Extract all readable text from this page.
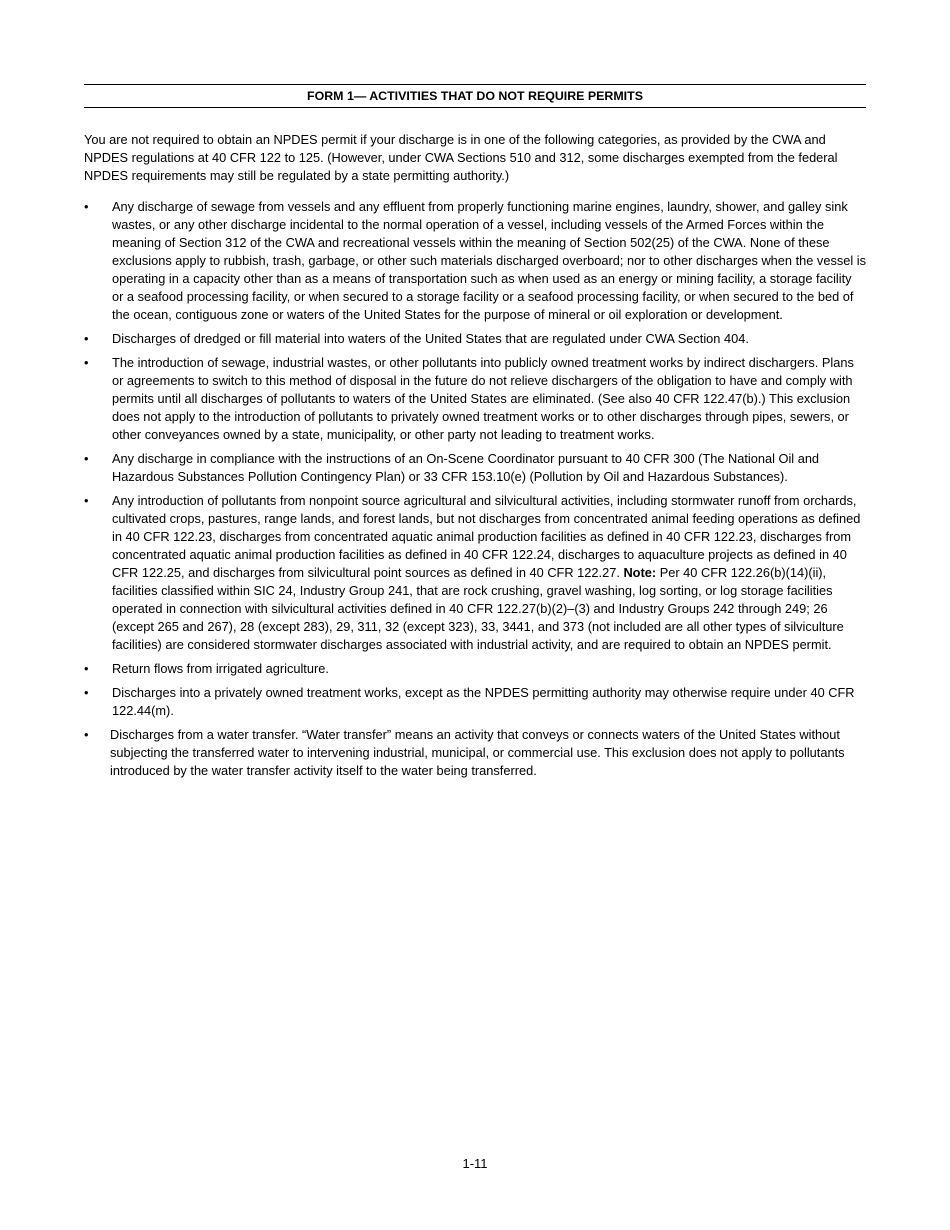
FORM 1— ACTIVITIES THAT DO NOT REQUIRE PERMITS

You are not required to obtain an NPDES permit if your discharge is in one of the following categories, as provided by the CWA and NPDES regulations at 40 CFR 122 to 125. (However, under CWA Sections 510 and 312, some discharges exempted from the federal NPDES requirements may still be regulated by a state permitting authority.)

•	Any discharge of sewage from vessels and any effluent from properly functioning marine engines, laundry, shower, and galley sink wastes, or any other discharge incidental to the normal operation of a vessel, including vessels of the Armed Forces within the meaning of Section 312 of the CWA and recreational vessels within the meaning of Section 502(25) of the CWA. None of these exclusions apply to rubbish, trash, garbage, or other such materials discharged overboard; nor to other discharges when the vessel is operating in a capacity other than as a means of transportation such as when used as an energy or mining facility, a storage facility or a seafood processing facility, or when secured to a storage facility or a seafood processing facility, or when secured to the bed of the ocean, contiguous zone or waters of the United States for the purpose of mineral or oil exploration or development.
•	Discharges of dredged or fill material into waters of the United States that are regulated under CWA Section 404.
•	The introduction of sewage, industrial wastes, or other pollutants into publicly owned treatment works by indirect dischargers. Plans or agreements to switch to this method of disposal in the future do not relieve dischargers of the obligation to have and comply with permits until all discharges of pollutants to waters of the United States are eliminated. (See also 40 CFR 122.47(b).) This exclusion does not apply to the introduction of pollutants to privately owned treatment works or to other discharges through pipes, sewers, or other conveyances owned by a state, municipality, or other party not leading to treatment works.
•	Any discharge in compliance with the instructions of an On-Scene Coordinator pursuant to 40 CFR 300 (The National Oil and Hazardous Substances Pollution Contingency Plan) or 33 CFR 153.10(e) (Pollution by Oil and Hazardous Substances).
•	Any introduction of pollutants from nonpoint source agricultural and silvicultural activities, including stormwater runoff from orchards, cultivated crops, pastures, range lands, and forest lands, but not discharges from concentrated animal feeding operations as defined in 40 CFR 122.23, discharges from concentrated aquatic animal production facilities as defined in 40 CFR 122.23, discharges from concentrated aquatic animal production facilities as defined in 40 CFR 122.24, discharges to aquaculture projects as defined in 40 CFR 122.25, and discharges from silvicultural point sources as defined in 40 CFR 122.27. Note: Per 40 CFR 122.26(b)(14)(ii), facilities classified within SIC 24, Industry Group 241, that are rock crushing, gravel washing, log sorting, or log storage facilities operated in connection with silvicultural activities defined in 40 CFR 122.27(b)(2)–(3) and Industry Groups 242 through 249; 26 (except 265 and 267), 28 (except 283), 29, 311, 32 (except 323), 33, 3441, and 373 (not included are all other types of silviculture facilities) are considered stormwater discharges associated with industrial activity, and are required to obtain an NPDES permit.
•	Return flows from irrigated agriculture.
•	Discharges into a privately owned treatment works, except as the NPDES permitting authority may otherwise require under 40 CFR 122.44(m).
•	Discharges from a water transfer. “Water transfer” means an activity that conveys or connects waters of the United States without subjecting the transferred water to intervening industrial, municipal, or commercial use. This exclusion does not apply to pollutants introduced by the water transfer activity itself to the water being transferred.
1-11
